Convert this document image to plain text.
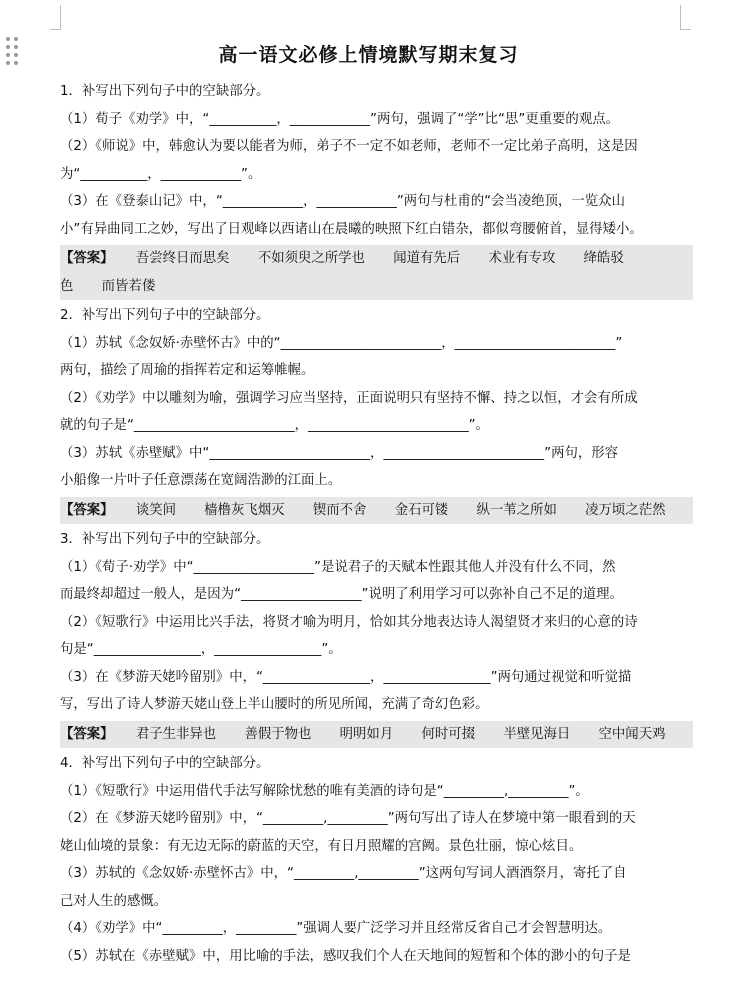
高一语文必修上情境默写期末复习
1．补写出下列句子中的空缺部分。
（1）荀子《劝学》中，“__________，____________”两句，强调了“学”比“思”更重要的观点。
（2）《师说》中，韩愈认为要以能者为师，弟子不一定不如老师，老师不一定比弟子高明，这是因
为“__________，____________”。
（3）在《登泰山记》中，“____________，____________”两句与杜甫的“会当凌绝顶，一览众山
小”有异曲同工之妙，写出了日观峰以西诸山在晨曦的映照下红白错杂，都似弯腰俯首，显得矮小。
【答案】 吾尝终日而思矣 不如须臾之所学也 闻道有先后 术业有专攻 绛皓驳
色 而皆若偻
2．补写出下列句子中的空缺部分。
（1）苏轼《念奴娇·赤壁怀古》中的“________________________，________________________”
两句，描绘了周瑜的指挥若定和运筹帷幄。
（2）《劝学》中以雕刻为喻，强调学习应当坚持，正面说明只有坚持不懈、持之以恒，才会有所成
就的句子是“________________________，________________________”。
（3）苏轼《赤壁赋》中“________________________，________________________”两句，形容
小船像一片叶子任意漂荡在宽阔浩渺的江面上。
【答案】 谈笑间 樯橹灰飞烟灭 锲而不舍 金石可镂 纵一苇之所如 凌万顷之茫然
3．补写出下列句子中的空缺部分。
（1）《荀子·劝学》中“__________________”是说君子的天赋本性跟其他人并没有什么不同，然
而最终却超过一般人，是因为“__________________”说明了利用学习可以弥补自己不足的道理。
（2）《短歌行》中运用比兴手法，将贤才喻为明月，恰如其分地表达诗人渴望贤才来归的心意的诗
句是“________________，________________”。
（3）在《梦游天姥吟留别》中，“________________，________________”两句通过视觉和听觉描
写，写出了诗人梦游天姥山登上半山腰时的所见所闻，充满了奇幻色彩。
【答案】 君子生非异也 善假于物也 明明如月 何时可掇 半壁见海日 空中闻天鸡
4．补写出下列句子中的空缺部分。
（1）《短歌行》中运用借代手法写解除忧愁的唯有美酒的诗句是“_________,_________”。
（2）在《梦游天姥吟留别》中，“_________,_________”两句写出了诗人在梦境中第一眼看到的天
姥山仙境的景象：有无边无际的蔚蓝的天空，有日月照耀的宫阙。景色壮丽，惊心炫目。
（3）苏轼的《念奴娇·赤壁怀古》中，“_________,_________”这两句写词人酒酒祭月，寄托了自
己对人生的感慨。
（4）《劝学》中“_________，_________”强调人要广泛学习并且经常反省自己才会智慧明达。
（5）苏轼在《赤壁赋》中，用比喻的手法，感叹我们个人在天地间的短暂和个体的渺小的句子是
